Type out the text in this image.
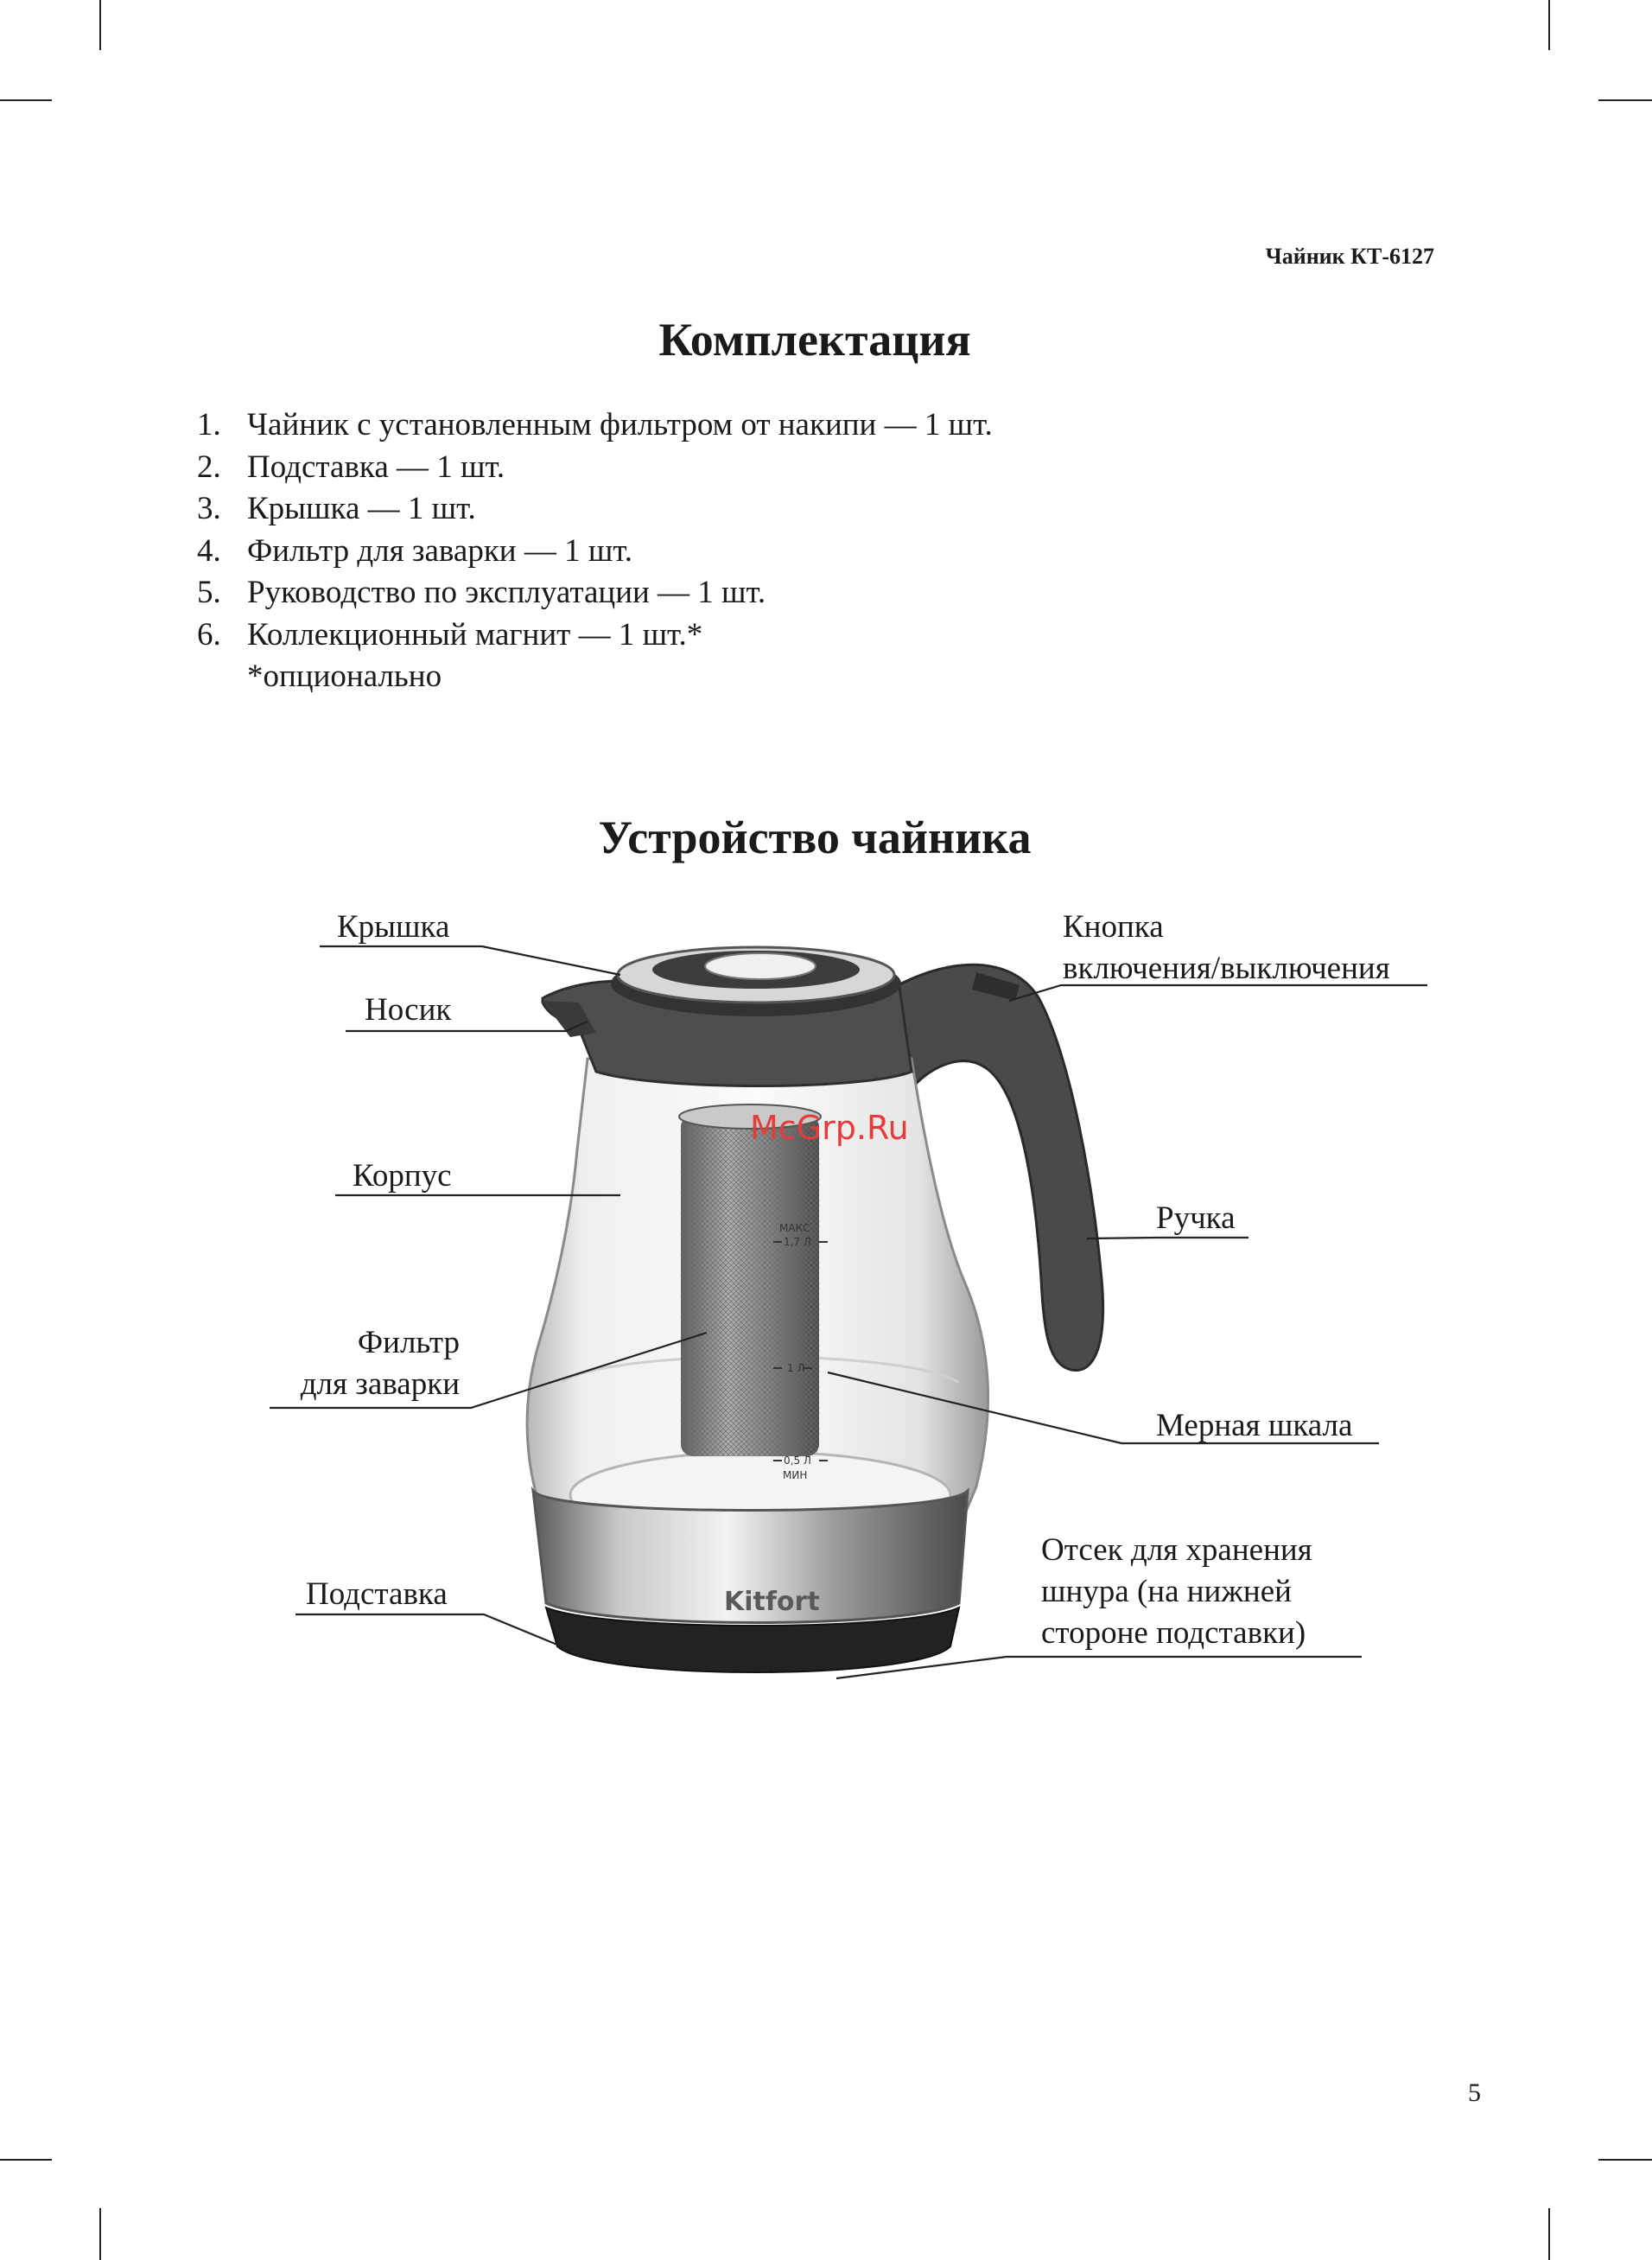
Чайник КТ-6127
Комплектация
1. Чайник с установленным фильтром от накипи — 1 шт.
2. Подставка — 1 шт.
3. Крышка — 1 шт.
4. Фильтр для заварки — 1 шт.
5. Руководство по эксплуатации — 1 шт.
6. Коллекционный магнит — 1 шт.*
*опционально
Устройство чайника
МАКС
1,7 Л
1 Л
0,5 Л
МИН
Kitfort
McGrp.Ru
Крышка
Носик
Корпус
Фильтр
для заварки
Подставка
Кнопка
включения/выключения
Ручка
Мерная шкала
Отсек для хранения
шнура (на нижней
стороне подставки)
5
